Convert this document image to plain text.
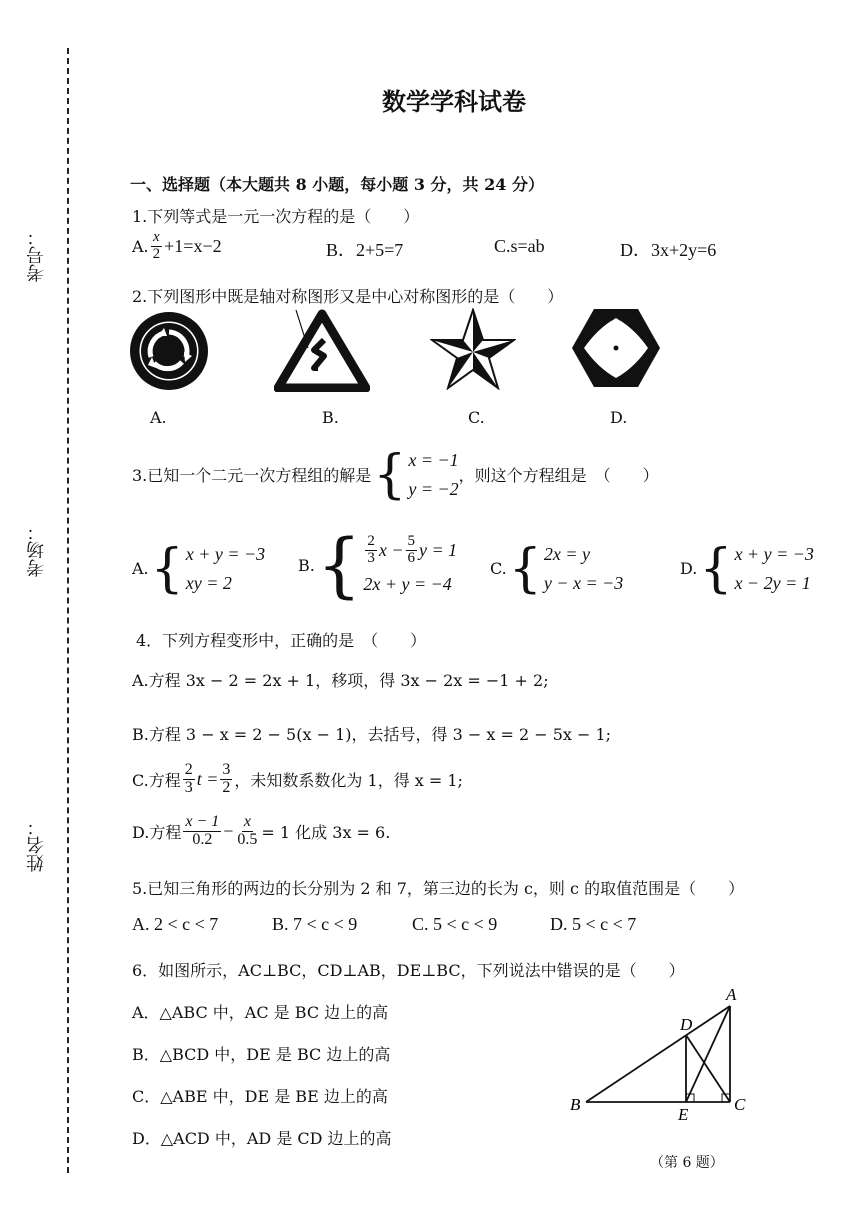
考号：
考场：
姓名：
数学学科试卷
一、选择题（本大题共 8 小题，每小题 3 分，共 24 分）
1.下列等式是一元一次方程的是（　　）
A. $\frac{x}{2} +1=x-2$	B．2+5=7	C.s=ab	D．3x+2y=6
2.下列图形中既是轴对称图形又是中心对称图形的是（　　）
A.	B.	C.	D.
3.已知一个二元一次方程组的解是 { x = −1
y = −2
，则这个方程组是　（　　）
A. { x + y = −3
xy = 2
B. { $\frac{2}{3}$ $x - \frac{5}{6}$ y = 1
2x + y = −4
C. { 2x = y
y − x = −3
D. { x + y = −3
x − 2y = 1
4．下列方程变形中，正确的是　（　　）
A.方程 3x − 2 = 2x + 1，移项，得 3x − 2x = −1 + 2;
B.方程 3 − x = 2 − 5(x − 1)，去括号，得 3 − x = 2 − 5x − 1;
C.方程 $\frac{2}{3}$ $t = \frac{3}{2}$ ，未知数系数化为 1，得 x = 1;
D.方程 $\frac{x - 1}{0.2} - \frac{x}{0.5} = 1$ 化成 3x = 6.
5.已知三角形的两边的长分别为 2 和 7，第三边的长为 c，则 c 的取值范围是（　　）
A. 2 < c < 7	B. 7 < c < 9	C. 5 < c < 9	D. 5 < c < 7
6．如图所示，AC⊥BC，CD⊥AB，DE⊥BC，下列说法中错误的是（　　）
A．△ABC 中，AC 是 BC 边上的高
B．△BCD 中，DE 是 BC 边上的高
C．△ABE 中，DE 是 BE 边上的高
D．△ACD 中，AD 是 CD 边上的高
A
B	C
D
E
（第 6 题）
